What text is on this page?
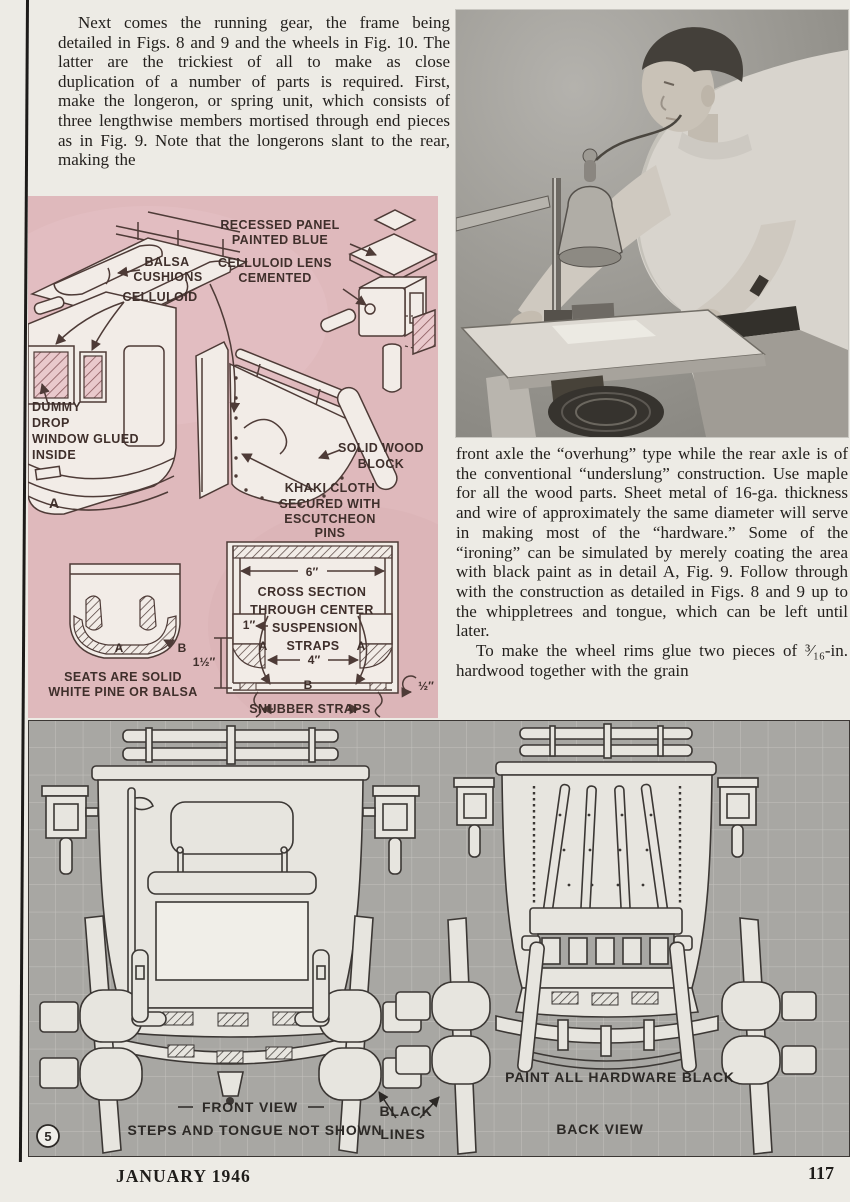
Next comes the running gear, the frame being detailed in Figs. 8 and 9 and the wheels in Fig. 10. The latter are the trickiest of all to make as close duplication of a number of parts is required. First, make the longeron, or spring unit, which consists of three lengthwise members mortised through end pieces as in Fig. 9. Note that the longerons slant to the rear, making the
RECESSED PANEL
PAINTED BLUE
CELLULOID LENS
CEMENTED
BALSA
CUSHIONS
CELLULOID
DUMMY
DROP
WINDOW GLUED
INSIDE
A
SOLID WOOD
BLOCK
KHAKI CLOTH
SECURED WITH
ESCUTCHEON
PINS
SEATS ARE SOLID
WHITE PINE OR BALSA
A	B
6″
CROSS SECTION
THROUGH CENTER
1″ SUSPENSION
STRAPS
A	A
1½″	4″
B	½″
SNUBBER STRAPS

front axle the “overhung” type while the rear axle is of the conventional “underslung” construction. Use maple for all the wood parts. Sheet metal of 16-ga. thickness and wire of approximately the same diameter will serve in making most of the “hardware.” Some of the “ironing” can be simulated by merely coating the area with black paint as in detail A, Fig. 9. Follow through with the construction as detailed in Figs. 8 and 9 up to the whippletrees and tongue, which can be left until later.

To make the wheel rims glue two pieces of ³⁄₁₆-in. hardwood together with the grain

FRONT VIEW
STEPS AND TONGUE NOT SHOWN
BLACK
LINES
PAINT ALL HARDWARE BLACK
BACK VIEW
5
JANUARY 1946	117
